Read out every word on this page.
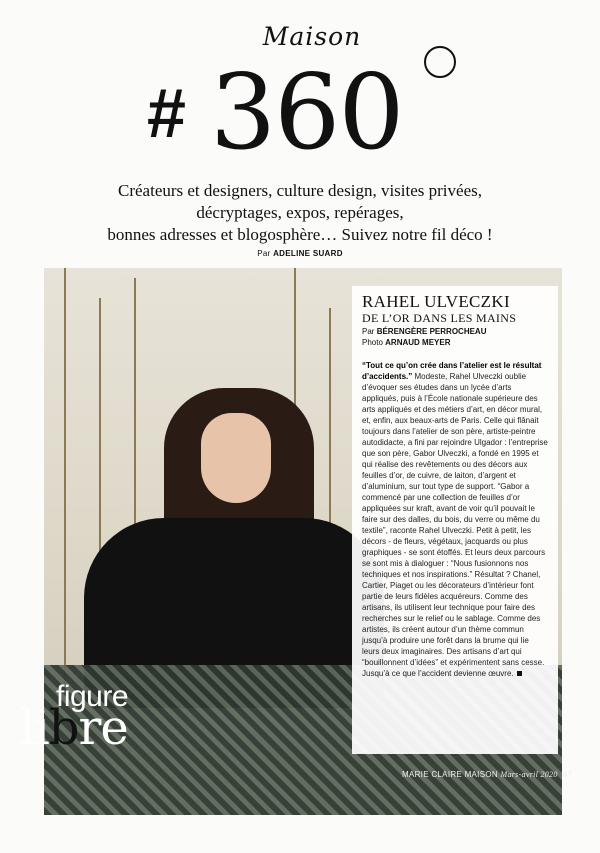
Maison
# 360
Créateurs et designers, culture design, visites privées,
décryptages, expos, repérages,
bonnes adresses et blogosphère… Suivez notre fil déco !
Par ADELINE SUARD
RAHEL ULVECZKI
DE L’OR DANS LES MAINS
Par BÉRENGÈRE PERROCHEAU
Photo ARNAUD MEYER
“Tout ce qu’on crée dans l’atelier est le résultat d’accidents.” Modeste, Rahel Ulveczki oublie d’évoquer ses études dans un lycée d’arts appliqués, puis à l’École nationale supérieure des arts appliqués et des métiers d’art, en décor mural, et, enfin, aux beaux-arts de Paris. Celle qui flânait toujours dans l’atelier de son père, artiste-peintre autodidacte, a fini par rejoindre Ulgador : l’entreprise que son père, Gabor Ulveczki, a fondé en 1995 et qui réalise des revêtements ou des décors aux feuilles d’or, de cuivre, de laiton, d’argent et d’aluminium, sur tout type de support. “Gabor a commencé par une collection de feuilles d’or appliquées sur kraft, avant de voir qu’il pouvait le faire sur des dalles, du bois, du verre ou même du textile”, raconte Rahel Ulveczki. Petit à petit, les décors - de fleurs, végétaux, jacquards ou plus graphiques - se sont étoffés. Et leurs deux parcours se sont mis à dialoguer : “Nous fusionnons nos techniques et nos inspirations.” Résultat ? Chanel, Cartier, Piaget ou les décorateurs d’intérieur font partie de leurs fidèles acquéreurs. Comme des artisans, ils utilisent leur technique pour faire des recherches sur le relief ou le sablage. Comme des artistes, ils créent autour d’un thème commun jusqu’à produire une forêt dans la brume qui lie leurs deux imaginaires. Des artisans d’art qui “bouillonnent d’idées” et expérimentent sans cesse. Jusqu’à ce que l’accident devienne œuvre.
figure
libre
MARIE CLAIRE MAISON Mars-avril 2020 47
